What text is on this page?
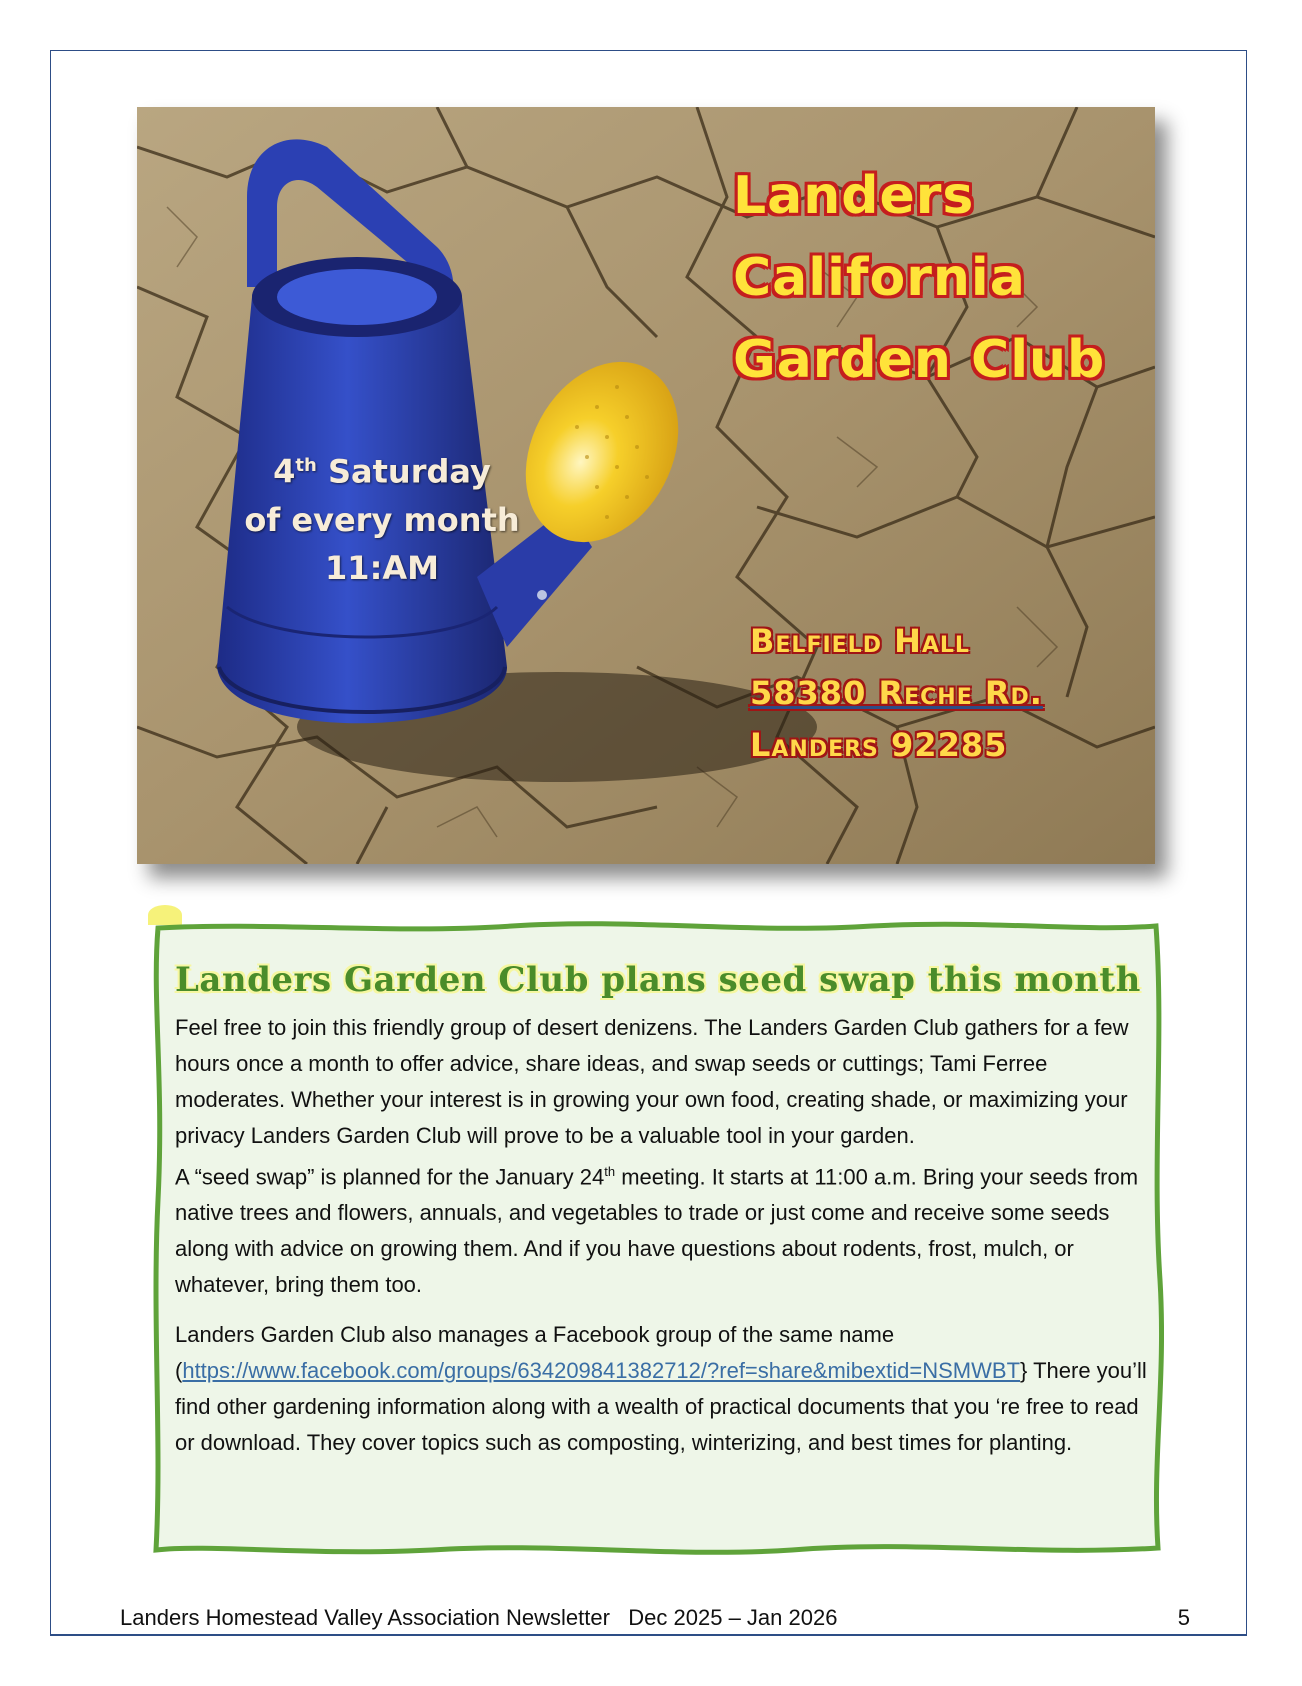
Landers
California
Garden Club
4th Saturday
of every month
11:AM
Belfield Hall
58380 Reche Rd.
Landers 92285
Landers Garden Club plans seed swap this month

Feel free to join this friendly group of desert denizens. The Landers Garden Club gathers for a few hours once a month to offer advice, share ideas, and swap seeds or cuttings; Tami Ferree moderates. Whether your interest is in growing your own food, creating shade, or maximizing your privacy Landers Garden Club will prove to be a valuable tool in your garden.

A “seed swap” is planned for the January 24th meeting. It starts at 11:00 a.m. Bring your seeds from native trees and flowers, annuals, and vegetables to trade or just come and receive some seeds along with advice on growing them. And if you have questions about rodents, frost, mulch, or whatever, bring them too.

Landers Garden Club also manages a Facebook group of the same name (https://www.facebook.com/groups/634209841382712/?ref=share&mibextid=NSMWBT} There you’ll find other gardening information along with a wealth of practical documents that you ‘re free to read or download. They cover topics such as composting, winterizing, and best times for planting.

Landers Homestead Valley Association Newsletter Dec 2025 – Jan 2026	5
